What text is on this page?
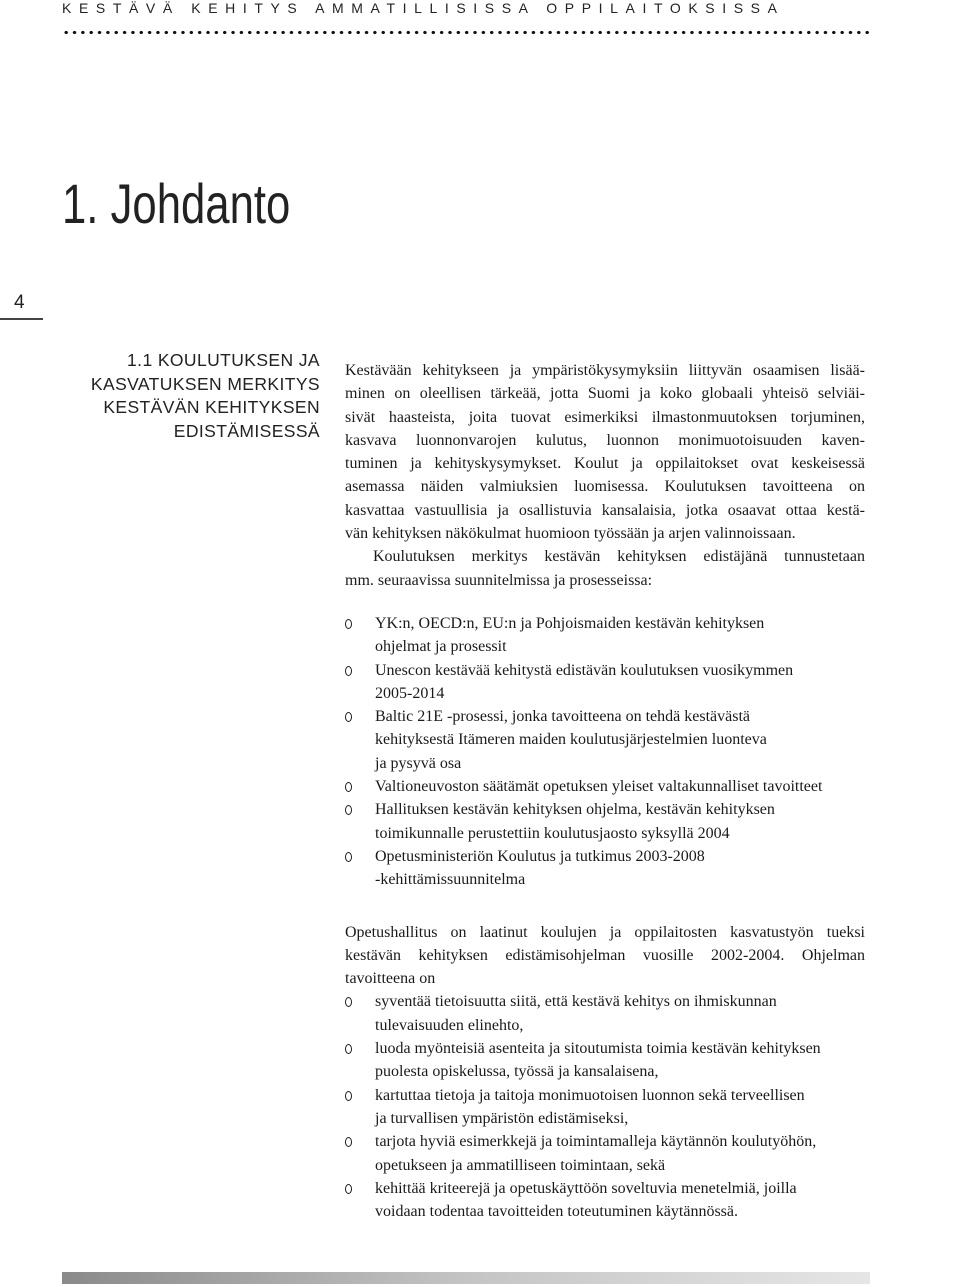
KESTÄVÄ KEHITYS AMMATILLISISSA OPPILAITOKSISSA
1. Johdanto
4
1.1 KOULUTUKSEN JA
KASVATUKSEN MERKITYS
KESTÄVÄN KEHITYKSEN
EDISTÄMISESSÄ
Kestävään kehitykseen ja ympäristökysymyksiin liittyvän osaamisen lisää-
minen on oleellisen tärkeää, jotta Suomi ja koko globaali yhteisö selviäi-
sivät haasteista, joita tuovat esimerkiksi ilmastonmuutoksen torjuminen,
kasvava luonnonvarojen kulutus, luonnon monimuotoisuuden kaven-
tuminen ja kehityskysymykset. Koulut ja oppilaitokset ovat keskeisessä
asemassa näiden valmiuksien luomisessa. Koulutuksen tavoitteena on
kasvattaa vastuullisia ja osallistuvia kansalaisia, jotka osaavat ottaa kestä-
vän kehityksen näkökulmat huomioon työssään ja arjen valinnoissaan.
Koulutuksen merkitys kestävän kehityksen edistäjänä tunnustetaan
mm. seuraavissa suunnitelmissa ja prosesseissa:
YK:n, OECD:n, EU:n ja Pohjoismaiden kestävän kehityksen
ohjelmat ja prosessit
Unescon kestävää kehitystä edistävän koulutuksen vuosikymmen
2005-2014
Baltic 21E -prosessi, jonka tavoitteena on tehdä kestävästä
kehityksestä Itämeren maiden koulutusjärjestelmien luonteva
ja pysyvä osa
Valtioneuvoston säätämät opetuksen yleiset valtakunnalliset tavoitteet
Hallituksen kestävän kehityksen ohjelma, kestävän kehityksen
toimikunnalle perustettiin koulutusjaosto syksyllä 2004
Opetusministeriön Koulutus ja tutkimus 2003-2008
-kehittämissuunnitelma
Opetushallitus on laatinut koulujen ja oppilaitosten kasvatustyön tueksi
kestävän kehityksen edistämisohjelman vuosille 2002-2004. Ohjelman
tavoitteena on
syventää tietoisuutta siitä, että kestävä kehitys on ihmiskunnan
tulevaisuuden elinehto,
luoda myönteisiä asenteita ja sitoutumista toimia kestävän kehityksen
puolesta opiskelussa, työssä ja kansalaisena,
kartuttaa tietoja ja taitoja monimuotoisen luonnon sekä terveellisen
ja turvallisen ympäristön edistämiseksi,
tarjota hyviä esimerkkejä ja toimintamalleja käytännön koulutyöhön,
opetukseen ja ammatilliseen toimintaan, sekä
kehittää kriteerejä ja opetuskäyttöön soveltuvia menetelmiä, joilla
voidaan todentaa tavoitteiden toteutuminen käytännössä.
